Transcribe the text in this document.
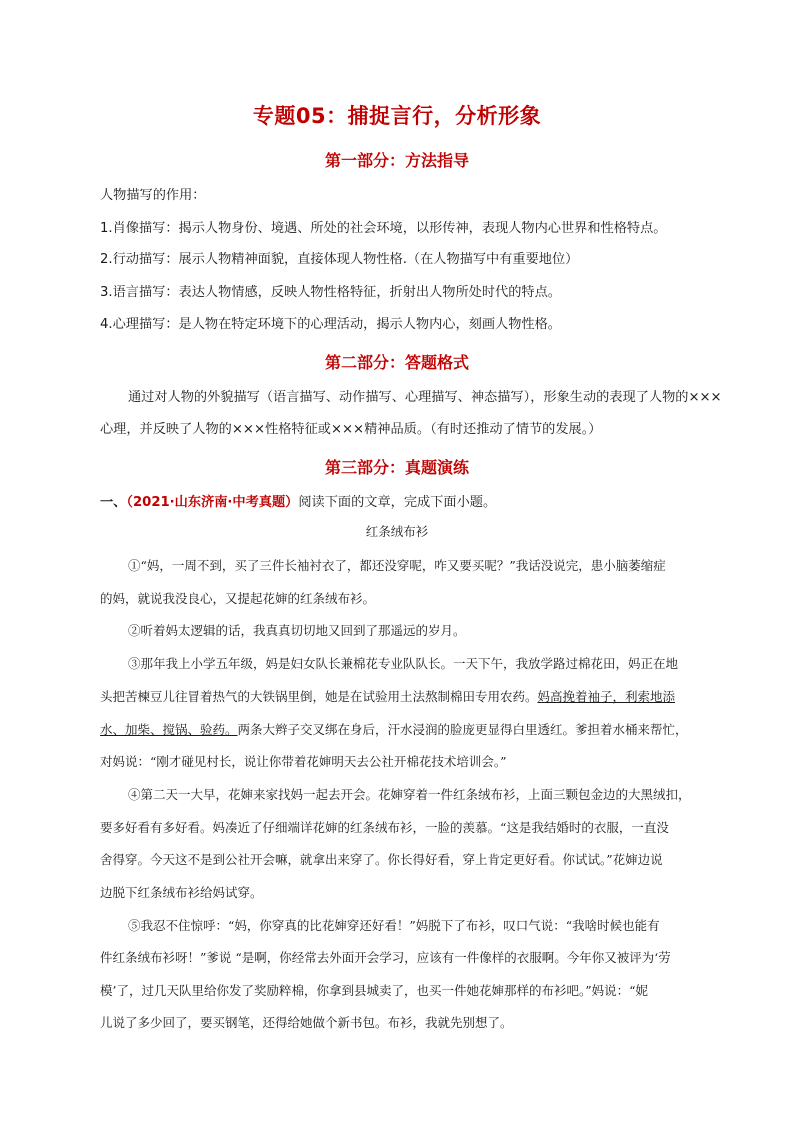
专题05：捕捉言行，分析形象
第一部分：方法指导
人物描写的作用：
1.肖像描写：揭示人物身份、境遇、所处的社会环境，以形传神，表现人物内心世界和性格特点。
2.行动描写：展示人物精神面貌，直接体现人物性格.（在人物描写中有重要地位）
3.语言描写：表达人物情感，反映人物性格特征，折射出人物所处时代的特点。
4.心理描写：是人物在特定环境下的心理活动，揭示人物内心，刻画人物性格。
第二部分：答题格式
通过对人物的外貌描写（语言描写、动作描写、心理描写、神态描写），形象生动的表现了人物的×××
心理，并反映了人物的×××性格特征或×××精神品质。（有时还推动了情节的发展。）
第三部分：真题演练
一、（2021·山东济南·中考真题）阅读下面的文章，完成下面小题。
红条绒布衫
①“妈，一周不到，买了三件长袖衬衣了，都还没穿呢，咋又要买呢？”我话没说完，患小脑萎缩症
的妈，就说我没良心，又提起花婶的红条绒布衫。
②听着妈太逻辑的话，我真真切切地又回到了那遥远的岁月。
③那年我上小学五年级，妈是妇女队长兼棉花专业队队长。一天下午，我放学路过棉花田，妈正在地
头把苦楝豆儿往冒着热气的大铁锅里倒，她是在试验用土法熬制棉田专用农药。妈高挽着袖子，利索地添
水、加柴、搅锅、验药。两条大辫子交叉绑在身后，汗水浸润的脸庞更显得白里透红。爹担着水桶来帮忙，
对妈说：“刚才碰见村长，说让你带着花婶明天去公社开棉花技术培训会。”
④第二天一大早，花婶来家找妈一起去开会。花婶穿着一件红条绒布衫，上面三颗包金边的大黑绒扣，
要多好看有多好看。妈凑近了仔细端详花婶的红条绒布衫，一脸的羡慕。“这是我结婚时的衣服，一直没
舍得穿。今天这不是到公社开会嘛，就拿出来穿了。你长得好看，穿上肯定更好看。你试试。”花婶边说
边脱下红条绒布衫给妈试穿。
⑤我忍不住惊呼：“妈，你穿真的比花婶穿还好看！”妈脱下了布衫，叹口气说：“我啥时候也能有
件红条绒布衫呀！”爹说 “是啊，你经常去外面开会学习，应该有一件像样的衣服啊。今年你又被评为‘劳
模’了，过几天队里给你发了奖励粹棉，你拿到县城卖了，也买一件她花婶那样的布衫吧。”妈说：“妮
儿说了多少回了，要买钢笔，还得给她做个新书包。布衫，我就先别想了。
